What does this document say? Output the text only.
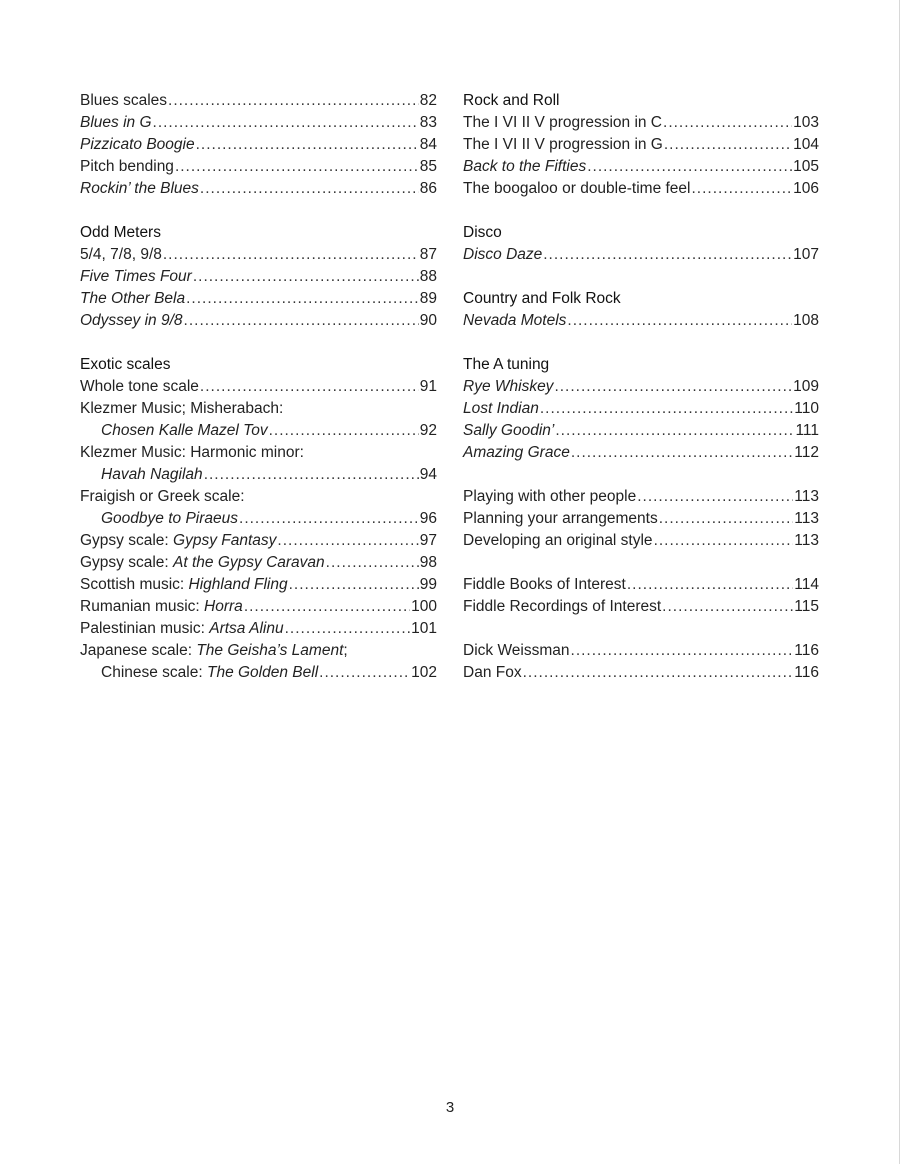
Blues scales .....	82
Blues in G .....	83
Pizzicato Boogie .....	84
Pitch bending .....	85
Rockin’ the Blues .....	86
Odd Meters
5/4, 7/8, 9/8 .....	87
Five Times Four .....	88
The Other Bela .....	89
Odyssey in 9/8 .....	90
Exotic scales
Whole tone scale .....	91
Klezmer Music; Misherabach:
Chosen Kalle Mazel Tov .....	92
Klezmer Music: Harmonic minor:
Havah Nagilah .....	94
Fraigish or Greek scale:
Goodbye to Piraeus .....	96
Gypsy scale: Gypsy Fantasy .....	97
Gypsy scale: At the Gypsy Caravan .....	98
Scottish music: Highland Fling .....	99
Rumanian music: Horra .....	100
Palestinian music: Artsa Alinu .....	101
Japanese scale: The Geisha’s Lament;
Chinese scale: The Golden Bell .....	102
Rock and Roll
The I VI II V progression in C .....	103
The I VI II V progression in G .....	104
Back to the Fifties .....	105
The boogaloo or double-time feel .....	106
Disco
Disco Daze .....	107
Country and Folk Rock
Nevada Motels .....	108
The A tuning
Rye Whiskey .....	109
Lost Indian .....	110
Sally Goodin’ .....	111
Amazing Grace .....	112
Playing with other people .....	113
Planning your arrangements .....	113
Developing an original style .....	113
Fiddle Books of Interest .....	114
Fiddle Recordings of Interest .....	115
Dick Weissman .....	116
Dan Fox .....	116
3
